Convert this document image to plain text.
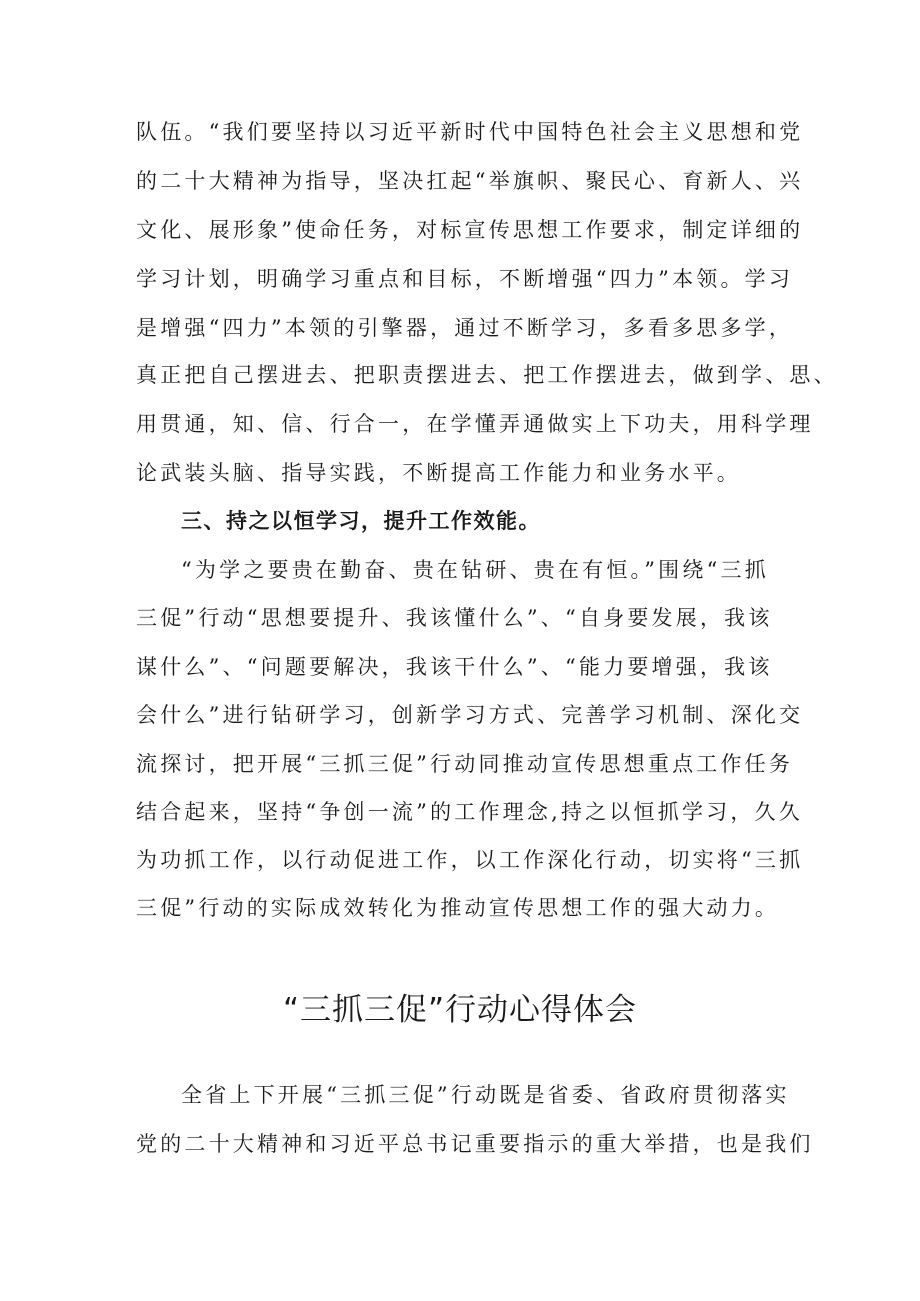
队伍。“我们要坚持以习近平新时代中国特色社会主义思想和党
的二十大精神为指导，坚决扛起“举旗帜、聚民心、育新人、兴
文化、展形象”使命任务，对标宣传思想工作要求，制定详细的
学习计划，明确学习重点和目标，不断增强“四力”本领。学习
是增强“四力”本领的引擎器，通过不断学习，多看多思多学，
真正把自己摆进去、把职责摆进去、把工作摆进去，做到学、思、
用贯通，知、信、行合一，在学懂弄通做实上下功夫，用科学理
论武装头脑、指导实践，不断提高工作能力和业务水平。
三、持之以恒学习，提升工作效能。
“为学之要贵在勤奋、贵在钻研、贵在有恒。”围绕“三抓
三促”行动“思想要提升、我该懂什么”、“自身要发展，我该
谋什么”、“问题要解决，我该干什么”、“能力要增强，我该
会什么”进行钻研学习，创新学习方式、完善学习机制、深化交
流探讨，把开展“三抓三促”行动同推动宣传思想重点工作任务
结合起来，坚持“争创一流”的工作理念,持之以恒抓学习，久久
为功抓工作，以行动促进工作，以工作深化行动，切实将“三抓
三促”行动的实际成效转化为推动宣传思想工作的强大动力。
“三抓三促”行动心得体会
全省上下开展“三抓三促”行动既是省委、省政府贯彻落实
党的二十大精神和习近平总书记重要指示的重大举措，也是我们
